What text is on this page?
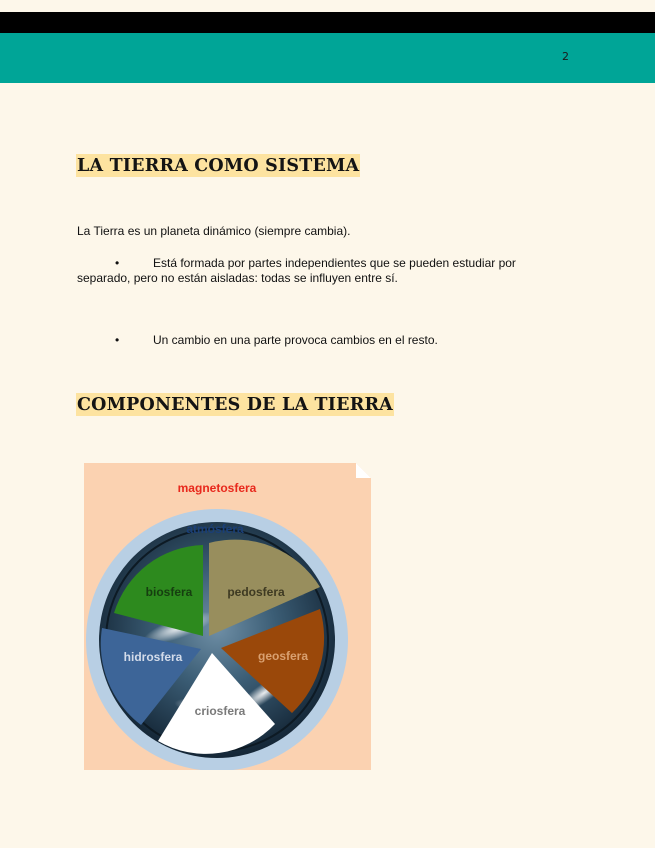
2
LA TIERRA COMO SISTEMA
La Tierra es un planeta dinámico (siempre cambia).
•	Está formada por partes independientes que se pueden estudiar por
separado, pero no están aisladas: todas se influyen entre sí.
•	Un cambio en una parte provoca cambios en el resto.
COMPONENTES DE LA TIERRA
magnetosfera
atmósfera
biosfera	pedosfera
geosfera
criosfera
hidrosfera
